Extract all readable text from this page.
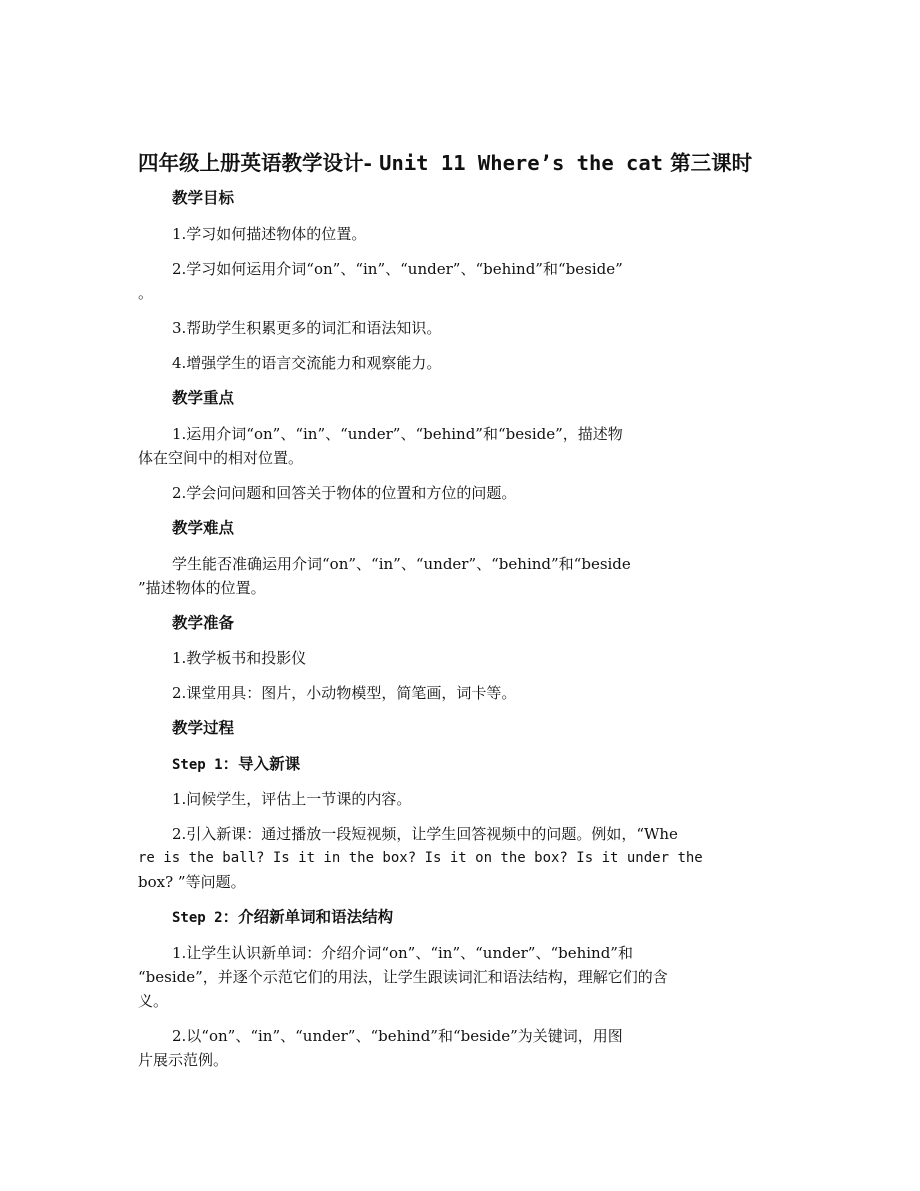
四年级上册英语教学设计- Unit 11 Where’s the cat 第三课时
教学目标
1.学习如何描述物体的位置。
2.学习如何运用介词“on”、“in”、“under”、“behind”和“beside”
。
3.帮助学生积累更多的词汇和语法知识。
4.增强学生的语言交流能力和观察能力。
教学重点
1.运用介词“on”、“in”、“under”、“behind”和“beside”，描述物
体在空间中的相对位置。
2.学会问问题和回答关于物体的位置和方位的问题。
教学难点
学生能否准确运用介词“on”、“in”、“under”、“behind”和“beside
”描述物体的位置。
教学准备
1.教学板书和投影仪
2.课堂用具：图片，小动物模型，简笔画，词卡等。
教学过程
Step 1：导入新课
1.问候学生，评估上一节课的内容。
2.引入新课：通过播放一段短视频，让学生回答视频中的问题。例如，“Whe
re is the ball? Is it in the box? Is it on the box? Is it under the
box? ”等问题。
Step 2：介绍新单词和语法结构
1.让学生认识新单词：介绍介词“on”、“in”、“under”、“behind”和
“beside”，并逐个示范它们的用法，让学生跟读词汇和语法结构，理解它们的含
义。
2.以“on”、“in”、“under”、“behind”和“beside”为关键词，用图
片展示范例。
